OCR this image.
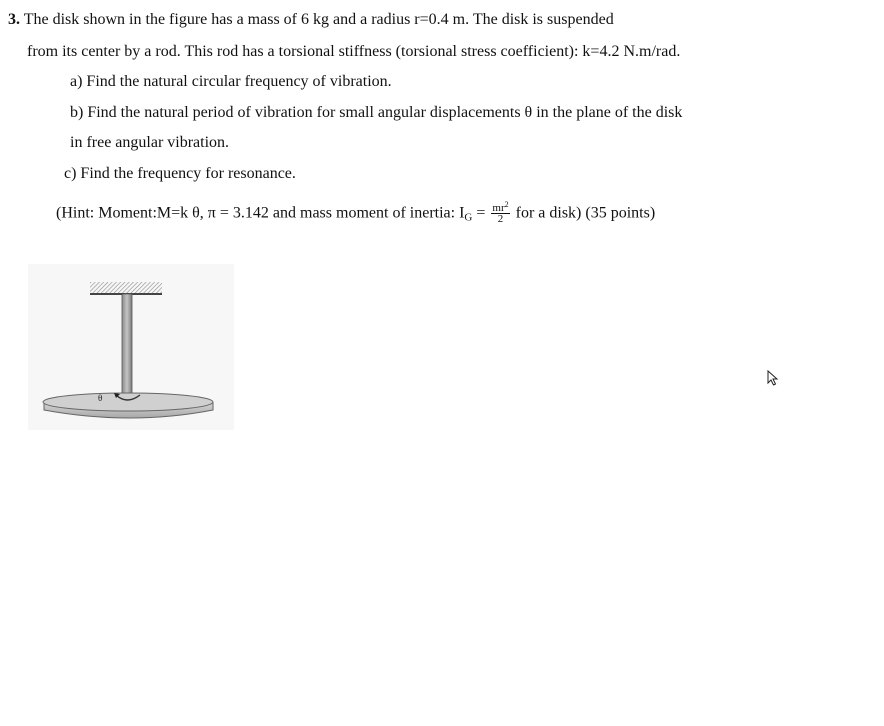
3. The disk shown in the figure has a mass of 6 kg and a radius r=0.4 m. The disk is suspended
from its center by a rod. This rod has a torsional stiffness (torsional stress coefficient): k=4.2 N.m/rad.
a) Find the natural circular frequency of vibration.
b) Find the natural period of vibration for small angular displacements θ in the plane of the disk
in free angular vibration.
c) Find the frequency for resonance.
(Hint: Moment:M=k θ, π = 3.142 and mass moment of inertia: $I_G = \frac{mr^2}{2}$ for a disk) (35 points)
θ
